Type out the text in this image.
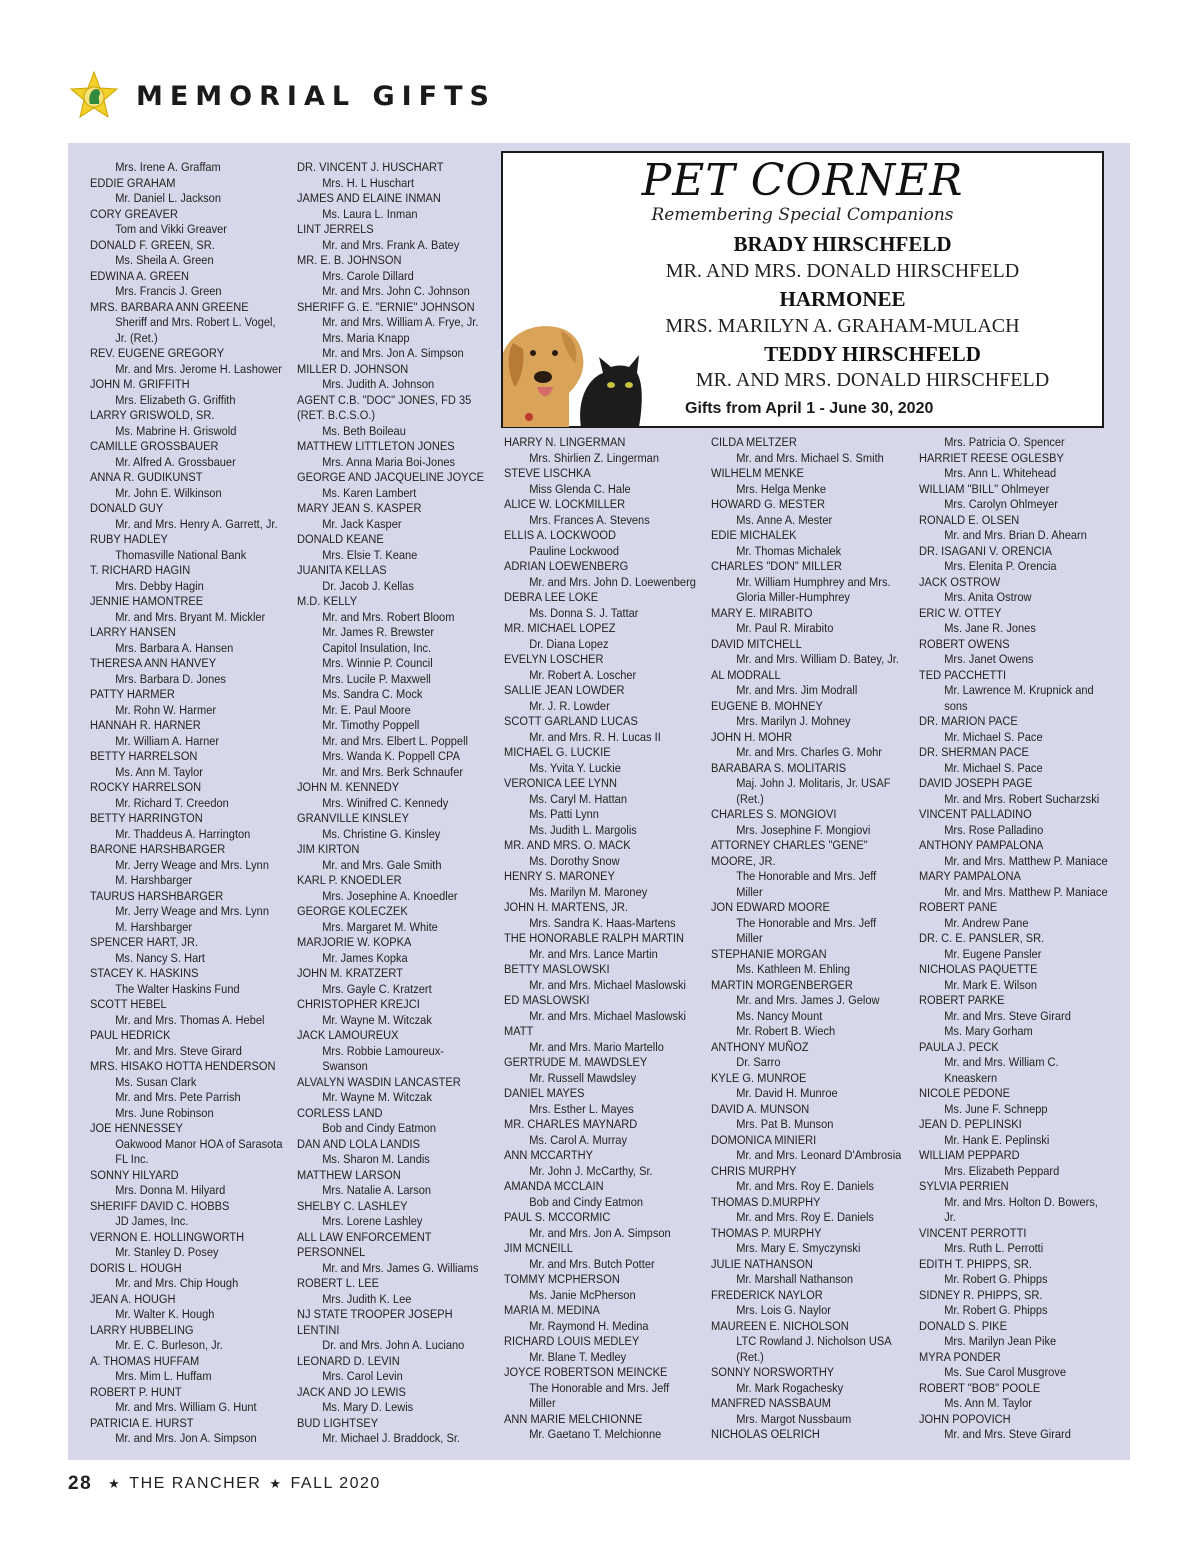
MEMORIAL GIFTS
Mrs. Irene A. Graffam
EDDIE GRAHAM
Mr. Daniel L. Jackson
CORY GREAVER
Tom and Vikki Greaver
DONALD F. GREEN, SR.
Ms. Sheila A. Green
EDWINA A. GREEN
Mrs. Francis J. Green
MRS. BARBARA ANN GREENE
Sheriff and Mrs. Robert L. Vogel,
Jr. (Ret.)
REV. EUGENE GREGORY
Mr. and Mrs. Jerome H. Lashower
JOHN M. GRIFFITH
Mrs. Elizabeth G. Griffith
LARRY GRISWOLD, SR.
Ms. Mabrine H. Griswold
CAMILLE GROSSBAUER
Mr. Alfred A. Grossbauer
ANNA R. GUDIKUNST
Mr. John E. Wilkinson
DONALD GUY
Mr. and Mrs. Henry A. Garrett, Jr.
RUBY HADLEY
Thomasville National Bank
T. RICHARD HAGIN
Mrs. Debby Hagin
JENNIE HAMONTREE
Mr. and Mrs. Bryant M. Mickler
LARRY HANSEN
Mrs. Barbara A. Hansen
THERESA ANN HANVEY
Mrs. Barbara D. Jones
PATTY HARMER
Mr. Rohn W. Harmer
HANNAH R. HARNER
Mr. William A. Harner
BETTY HARRELSON
Ms. Ann M. Taylor
ROCKY HARRELSON
Mr. Richard T. Creedon
BETTY HARRINGTON
Mr. Thaddeus A. Harrington
BARONE HARSHBARGER
Mr. Jerry Weage and Mrs. Lynn
M. Harshbarger
TAURUS HARSHBARGER
Mr. Jerry Weage and Mrs. Lynn
M. Harshbarger
SPENCER HART, JR.
Ms. Nancy S. Hart
STACEY K. HASKINS
The Walter Haskins Fund
SCOTT HEBEL
Mr. and Mrs. Thomas A. Hebel
PAUL HEDRICK
Mr. and Mrs. Steve Girard
MRS. HISAKO HOTTA HENDERSON
Ms. Susan Clark
Mr. and Mrs. Pete Parrish
Mrs. June Robinson
JOE HENNESSEY
Oakwood Manor HOA of Sarasota
FL Inc.
SONNY HILYARD
Mrs. Donna M. Hilyard
SHERIFF DAVID C. HOBBS
JD James, Inc.
VERNON E. HOLLINGWORTH
Mr. Stanley D. Posey
DORIS L. HOUGH
Mr. and Mrs. Chip Hough
JEAN A. HOUGH
Mr. Walter K. Hough
LARRY HUBBELING
Mr. E. C. Burleson, Jr.
A. THOMAS HUFFAM
Mrs. Mim L. Huffam
ROBERT P. HUNT
Mr. and Mrs. William G. Hunt
PATRICIA E. HURST
Mr. and Mrs. Jon A. Simpson
DR. VINCENT J. HUSCHART
Mrs. H. L Huschart
JAMES AND ELAINE INMAN
Ms. Laura L. Inman
LINT JERRELS
Mr. and Mrs. Frank A. Batey
MR. E. B. JOHNSON
Mrs. Carole Dillard
Mr. and Mrs. John C. Johnson
SHERIFF G. E. "ERNIE" JOHNSON
Mr. and Mrs. William A. Frye, Jr.
Mrs. Maria Knapp
Mr. and Mrs. Jon A. Simpson
MILLER D. JOHNSON
Mrs. Judith A. Johnson
AGENT C.B. "DOC" JONES, FD 35
(RET. B.C.S.O.)
Ms. Beth Boileau
MATTHEW LITTLETON JONES
Mrs. Anna Maria Boi-Jones
GEORGE AND JACQUELINE JOYCE
Ms. Karen Lambert
MARY JEAN S. KASPER
Mr. Jack Kasper
DONALD KEANE
Mrs. Elsie T. Keane
JUANITA KELLAS
Dr. Jacob J. Kellas
M.D. KELLY
Mr. and Mrs. Robert Bloom
Mr. James R. Brewster
Capitol Insulation, Inc.
Mrs. Winnie P. Council
Mrs. Lucile P. Maxwell
Ms. Sandra C. Mock
Mr. E. Paul Moore
Mr. Timothy Poppell
Mr. and Mrs. Elbert L. Poppell
Mrs. Wanda K. Poppell CPA
Mr. and Mrs. Berk Schnaufer
JOHN M. KENNEDY
Mrs. Winifred C. Kennedy
GRANVILLE KINSLEY
Ms. Christine G. Kinsley
JIM KIRTON
Mr. and Mrs. Gale Smith
KARL P. KNOEDLER
Mrs. Josephine A. Knoedler
GEORGE KOLECZEK
Mrs. Margaret M. White
MARJORIE W. KOPKA
Mr. James Kopka
JOHN M. KRATZERT
Mrs. Gayle C. Kratzert
CHRISTOPHER KREJCI
Mr. Wayne M. Witczak
JACK LAMOUREUX
Mrs. Robbie Lamoureux-
Swanson
ALVALYN WASDIN LANCASTER
Mr. Wayne M. Witczak
CORLESS LAND
Bob and Cindy Eatmon
DAN AND LOLA LANDIS
Ms. Sharon M. Landis
MATTHEW LARSON
Mrs. Natalie A. Larson
SHELBY C. LASHLEY
Mrs. Lorene Lashley
ALL LAW ENFORCEMENT
PERSONNEL
Mr. and Mrs. James G. Williams
ROBERT L. LEE
Mrs. Judith K. Lee
NJ STATE TROOPER JOSEPH
LENTINI
Dr. and Mrs. John A. Luciano
LEONARD D. LEVIN
Mrs. Carol Levin
JACK AND JO LEWIS
Ms. Mary D. Lewis
BUD LIGHTSEY
Mr. Michael J. Braddock, Sr.
HARRY N. LINGERMAN
Mrs. Shirlien Z. Lingerman
STEVE LISCHKA
Miss Glenda C. Hale
ALICE W. LOCKMILLER
Mrs. Frances A. Stevens
ELLIS A. LOCKWOOD
Pauline Lockwood
ADRIAN LOEWENBERG
Mr. and Mrs. John D. Loewenberg
DEBRA LEE LOKE
Ms. Donna S. J. Tattar
MR. MICHAEL LOPEZ
Dr. Diana Lopez
EVELYN LOSCHER
Mr. Robert A. Loscher
SALLIE JEAN LOWDER
Mr. J. R. Lowder
SCOTT GARLAND LUCAS
Mr. and Mrs. R. H. Lucas II
MICHAEL G. LUCKIE
Ms. Yvita Y. Luckie
VERONICA LEE LYNN
Ms. Caryl M. Hattan
Ms. Patti Lynn
Ms. Judith L. Margolis
MR. AND MRS. O. MACK
Ms. Dorothy Snow
HENRY S. MARONEY
Ms. Marilyn M. Maroney
JOHN H. MARTENS, JR.
Mrs. Sandra K. Haas-Martens
THE HONORABLE RALPH MARTIN
Mr. and Mrs. Lance Martin
BETTY MASLOWSKI
Mr. and Mrs. Michael Maslowski
ED MASLOWSKI
Mr. and Mrs. Michael Maslowski
MATT
Mr. and Mrs. Mario Martello
GERTRUDE M. MAWDSLEY
Mr. Russell Mawdsley
DANIEL MAYES
Mrs. Esther L. Mayes
MR. CHARLES MAYNARD
Ms. Carol A. Murray
ANN MCCARTHY
Mr. John J. McCarthy, Sr.
AMANDA MCCLAIN
Bob and Cindy Eatmon
PAUL S. MCCORMIC
Mr. and Mrs. Jon A. Simpson
JIM MCNEILL
Mr. and Mrs. Butch Potter
TOMMY MCPHERSON
Ms. Janie McPherson
MARIA M. MEDINA
Mr. Raymond H. Medina
RICHARD LOUIS MEDLEY
Mr. Blane T. Medley
JOYCE ROBERTSON MEINCKE
The Honorable and Mrs. Jeff
Miller
ANN MARIE MELCHIONNE
Mr. Gaetano T. Melchionne
CILDA MELTZER
Mr. and Mrs. Michael S. Smith
WILHELM MENKE
Mrs. Helga Menke
HOWARD G. MESTER
Ms. Anne A. Mester
EDIE MICHALEK
Mr. Thomas Michalek
CHARLES "DON" MILLER
Mr. William Humphrey and Mrs.
Gloria Miller-Humphrey
MARY E. MIRABITO
Mr. Paul R. Mirabito
DAVID MITCHELL
Mr. and Mrs. William D. Batey, Jr.
AL MODRALL
Mr. and Mrs. Jim Modrall
EUGENE B. MOHNEY
Mrs. Marilyn J. Mohney
JOHN H. MOHR
Mr. and Mrs. Charles G. Mohr
BARABARA S. MOLITARIS
Maj. John J. Molitaris, Jr. USAF
(Ret.)
CHARLES S. MONGIOVI
Mrs. Josephine F. Mongiovi
ATTORNEY CHARLES "GENE"
MOORE, JR.
The Honorable and Mrs. Jeff
Miller
JON EDWARD MOORE
The Honorable and Mrs. Jeff
Miller
STEPHANIE MORGAN
Ms. Kathleen M. Ehling
MARTIN MORGENBERGER
Mr. and Mrs. James J. Gelow
Ms. Nancy Mount
Mr. Robert B. Wiech
ANTHONY MUÑOZ
Dr. Sarro
KYLE G. MUNROE
Mr. David H. Munroe
DAVID A. MUNSON
Mrs. Pat B. Munson
DOMONICA MINIERI
Mr. and Mrs. Leonard D'Ambrosia
CHRIS MURPHY
Mr. and Mrs. Roy E. Daniels
THOMAS D.MURPHY
Mr. and Mrs. Roy E. Daniels
THOMAS P. MURPHY
Mrs. Mary E. Smyczynski
JULIE NATHANSON
Mr. Marshall Nathanson
FREDERICK NAYLOR
Mrs. Lois G. Naylor
MAUREEN E. NICHOLSON
LTC Rowland J. Nicholson USA
(Ret.)
SONNY NORSWORTHY
Mr. Mark Rogachesky
MANFRED NASSBAUM
Mrs. Margot Nussbaum
NICHOLAS OELRICH
Mrs. Patricia O. Spencer
HARRIET REESE OGLESBY
Mrs. Ann L. Whitehead
WILLIAM "BILL" Ohlmeyer
Mrs. Carolyn Ohlmeyer
RONALD E. OLSEN
Mr. and Mrs. Brian D. Ahearn
DR. ISAGANI V. ORENCIA
Mrs. Elenita P. Orencia
JACK OSTROW
Mrs. Anita Ostrow
ERIC W. OTTEY
Ms. Jane R. Jones
ROBERT OWENS
Mrs. Janet Owens
TED PACCHETTI
Mr. Lawrence M. Krupnick and
sons
DR. MARION PACE
Mr. Michael S. Pace
DR. SHERMAN PACE
Mr. Michael S. Pace
DAVID JOSEPH PAGE
Mr. and Mrs. Robert Sucharzski
VINCENT PALLADINO
Mrs. Rose Palladino
ANTHONY PAMPALONA
Mr. and Mrs. Matthew P. Maniace
MARY PAMPALONA
Mr. and Mrs. Matthew P. Maniace
ROBERT PANE
Mr. Andrew Pane
DR. C. E. PANSLER, SR.
Mr. Eugene Pansler
NICHOLAS PAQUETTE
Mr. Mark E. Wilson
ROBERT PARKE
Mr. and Mrs. Steve Girard
Ms. Mary Gorham
PAULA J. PECK
Mr. and Mrs. William C.
Kneaskern
NICOLE PEDONE
Ms. June F. Schnepp
JEAN D. PEPLINSKI
Mr. Hank E. Peplinski
WILLIAM PEPPARD
Mrs. Elizabeth Peppard
SYLVIA PERRIEN
Mr. and Mrs. Holton D. Bowers,
Jr.
VINCENT PERROTTI
Mrs. Ruth L. Perrotti
EDITH T. PHIPPS, SR.
Mr. Robert G. Phipps
SIDNEY R. PHIPPS, SR.
Mr. Robert G. Phipps
DONALD S. PIKE
Mrs. Marilyn Jean Pike
MYRA PONDER
Ms. Sue Carol Musgrove
ROBERT "BOB" POOLE
Ms. Ann M. Taylor
JOHN POPOVICH
Mr. and Mrs. Steve Girard
PET CORNER
Remembering Special Companions
BRADY HIRSCHFELD
MR. AND MRS. DONALD HIRSCHFELD
HARMONEE
MRS. MARILYN A. GRAHAM-MULACH
TEDDY HIRSCHFELD
MR. AND MRS. DONALD HIRSCHFELD
Gifts from April 1 - June 30, 2020
28 ★ THE RANCHER ★ FALL 2020
